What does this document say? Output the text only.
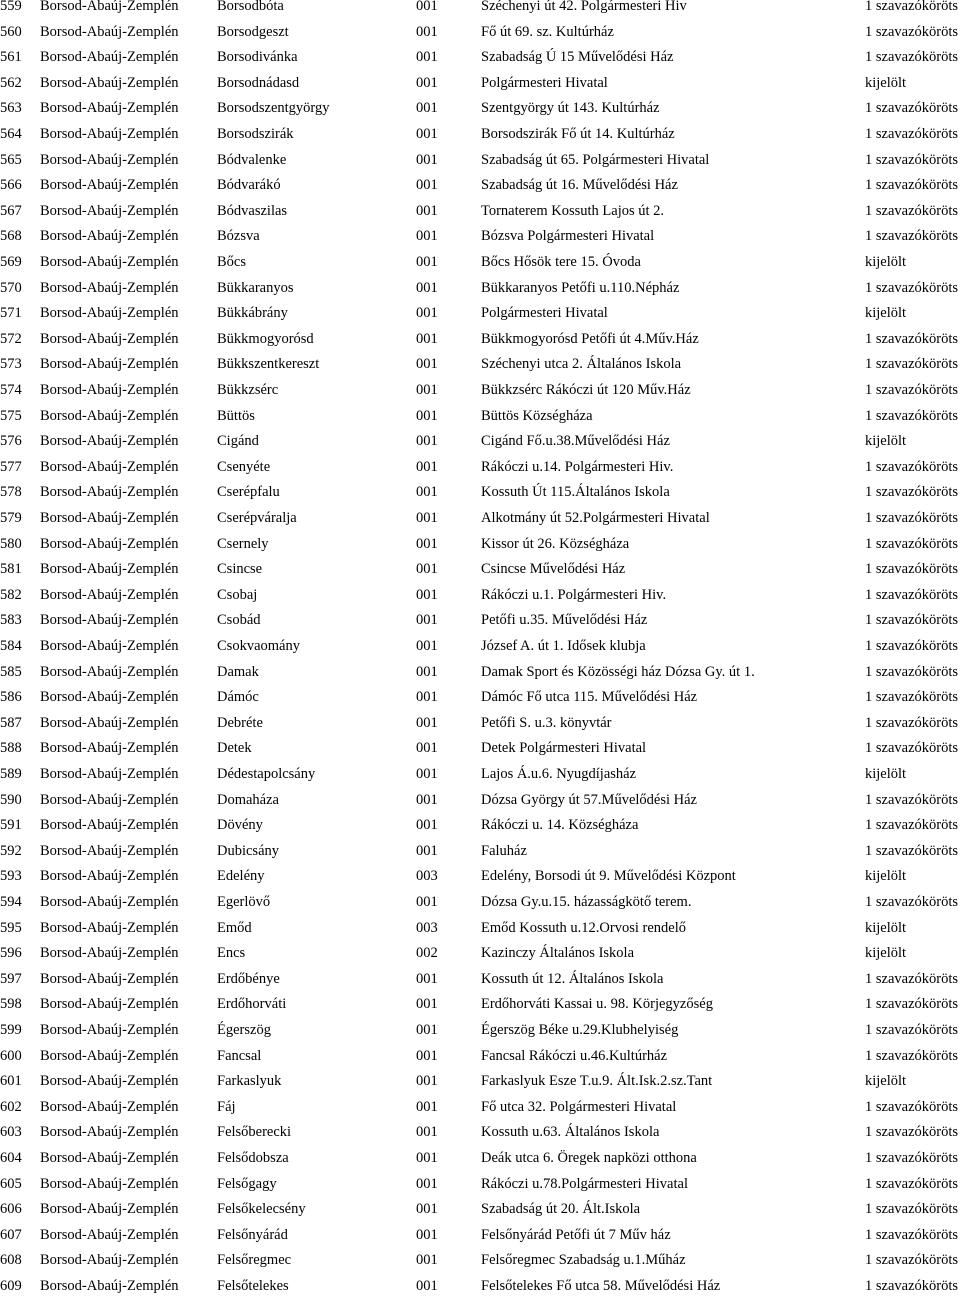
559 Borsod-Abaúj-Zemplén	Borsodbóta	001	Széchenyi út 42. Polgármesteri Hiv	1 szavazóköröts
560 Borsod-Abaúj-Zemplén	Borsodgeszt	001	Fő út 69. sz. Kultúrház	1 szavazóköröts
561 Borsod-Abaúj-Zemplén	Borsodivánka	001	Szabadság Ú 15 Művelődési Ház	1 szavazóköröts
562 Borsod-Abaúj-Zemplén	Borsodnádasd	001	Polgármesteri Hivatal	kijelölt
563 Borsod-Abaúj-Zemplén	Borsodszentgyörgy	001	Szentgyörgy út 143. Kultúrház	1 szavazóköröts
564 Borsod-Abaúj-Zemplén	Borsodszirák	001	Borsodszirák Fő út 14. Kultúrház	1 szavazóköröts
565 Borsod-Abaúj-Zemplén	Bódvalenke	001	Szabadság út 65. Polgármesteri Hivatal	1 szavazóköröts
566 Borsod-Abaúj-Zemplén	Bódvarákó	001	Szabadság út 16. Művelődési Ház	1 szavazóköröts
567 Borsod-Abaúj-Zemplén	Bódvaszilas	001	Tornaterem Kossuth Lajos út 2.	1 szavazóköröts
568 Borsod-Abaúj-Zemplén	Bózsva	001	Bózsva Polgármesteri Hivatal	1 szavazóköröts
569 Borsod-Abaúj-Zemplén	Bőcs	001	Bőcs Hősök tere 15. Óvoda	kijelölt
570 Borsod-Abaúj-Zemplén	Bükkaranyos	001	Bükkaranyos Petőfi u.110.Népház	1 szavazóköröts
571 Borsod-Abaúj-Zemplén	Bükkábrány	001	Polgármesteri Hivatal	kijelölt
572 Borsod-Abaúj-Zemplén	Bükkmogyorósd	001	Bükkmogyorósd Petőfi út 4.Műv.Ház	1 szavazóköröts
573 Borsod-Abaúj-Zemplén	Bükkszentkereszt	001	Széchenyi utca 2. Általános Iskola	1 szavazóköröts
574 Borsod-Abaúj-Zemplén	Bükkzsérc	001	Bükkzsérc Rákóczi út 120 Műv.Ház	1 szavazóköröts
575 Borsod-Abaúj-Zemplén	Büttös	001	Büttös Községháza	1 szavazóköröts
576 Borsod-Abaúj-Zemplén	Cigánd	001	Cigánd Fő.u.38.Művelődési Ház	kijelölt
577 Borsod-Abaúj-Zemplén	Csenyéte	001	Rákóczi u.14. Polgármesteri Hiv.	1 szavazóköröts
578 Borsod-Abaúj-Zemplén	Cserépfalu	001	Kossuth Út 115.Általános Iskola	1 szavazóköröts
579 Borsod-Abaúj-Zemplén	Cserépváralja	001	Alkotmány út 52.Polgármesteri Hivatal	1 szavazóköröts
580 Borsod-Abaúj-Zemplén	Csernely	001	Kissor út 26. Községháza	1 szavazóköröts
581 Borsod-Abaúj-Zemplén	Csincse	001	Csincse Művelődési Ház	1 szavazóköröts
582 Borsod-Abaúj-Zemplén	Csobaj	001	Rákóczi u.1. Polgármesteri Hiv.	1 szavazóköröts
583 Borsod-Abaúj-Zemplén	Csobád	001	Petőfi u.35. Művelődési Ház	1 szavazóköröts
584 Borsod-Abaúj-Zemplén	Csokvaomány	001	József A. út 1. Idősek klubja	1 szavazóköröts
585 Borsod-Abaúj-Zemplén	Damak	001	Damak Sport és Közösségi ház Dózsa Gy. út 1.	1 szavazóköröts
586 Borsod-Abaúj-Zemplén	Dámóc	001	Dámóc Fő utca 115. Művelődési Ház	1 szavazóköröts
587 Borsod-Abaúj-Zemplén	Debréte	001	Petőfi S. u.3. könyvtár	1 szavazóköröts
588 Borsod-Abaúj-Zemplén	Detek	001	Detek Polgármesteri Hivatal	1 szavazóköröts
589 Borsod-Abaúj-Zemplén	Dédestapolcsány	001	Lajos Á.u.6. Nyugdíjasház	kijelölt
590 Borsod-Abaúj-Zemplén	Domaháza	001	Dózsa György út 57.Művelődési Ház	1 szavazóköröts
591 Borsod-Abaúj-Zemplén	Dövény	001	Rákóczi u. 14. Községháza	1 szavazóköröts
592 Borsod-Abaúj-Zemplén	Dubicsány	001	Faluház	1 szavazóköröts
593 Borsod-Abaúj-Zemplén	Edelény	003	Edelény, Borsodi út 9. Művelődési Központ	kijelölt
594 Borsod-Abaúj-Zemplén	Egerlövő	001	Dózsa Gy.u.15. házasságkötő terem.	1 szavazóköröts
595 Borsod-Abaúj-Zemplén	Emőd	003	Emőd Kossuth u.12.Orvosi rendelő	kijelölt
596 Borsod-Abaúj-Zemplén	Encs	002	Kazinczy Általános Iskola	kijelölt
597 Borsod-Abaúj-Zemplén	Erdőbénye	001	Kossuth út 12. Általános Iskola	1 szavazóköröts
598 Borsod-Abaúj-Zemplén	Erdőhorváti	001	Erdőhorváti Kassai u. 98. Körjegyzőség	1 szavazóköröts
599 Borsod-Abaúj-Zemplén	Égerszög	001	Égerszög Béke u.29.Klubhelyiség	1 szavazóköröts
600 Borsod-Abaúj-Zemplén	Fancsal	001	Fancsal Rákóczi u.46.Kultúrház	1 szavazóköröts
601 Borsod-Abaúj-Zemplén	Farkaslyuk	001	Farkaslyuk Esze T.u.9. Ált.Isk.2.sz.Tant	kijelölt
602 Borsod-Abaúj-Zemplén	Fáj	001	Fő utca 32. Polgármesteri Hivatal	1 szavazóköröts
603 Borsod-Abaúj-Zemplén	Felsőberecki	001	Kossuth u.63. Általános Iskola	1 szavazóköröts
604 Borsod-Abaúj-Zemplén	Felsődobsza	001	Deák utca 6. Öregek napközi otthona	1 szavazóköröts
605 Borsod-Abaúj-Zemplén	Felsőgagy	001	Rákóczi u.78.Polgármesteri Hivatal	1 szavazóköröts
606 Borsod-Abaúj-Zemplén	Felsőkelecsény	001	Szabadság út 20. Ált.Iskola	1 szavazóköröts
607 Borsod-Abaúj-Zemplén	Felsőnyárád	001	Felsőnyárád Petőfi út 7 Műv ház	1 szavazóköröts
608 Borsod-Abaúj-Zemplén	Felsőregmec	001	Felsőregmec Szabadság u.1.Műház	1 szavazóköröts
609 Borsod-Abaúj-Zemplén	Felsőtelekes	001	Felsőtelekes Fő utca 58. Művelődési Ház	1 szavazóköröts
